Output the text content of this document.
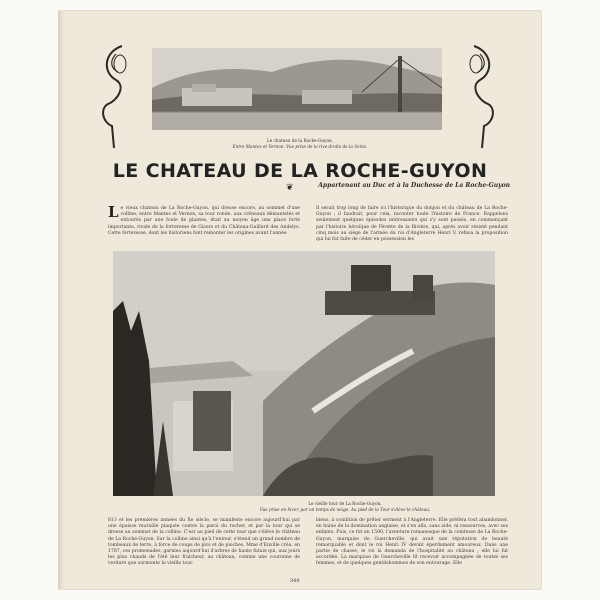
Le chateau de la Roche-Guyon.
Entre Mantes et Vernon. Vue prise de la rive droite de la Seine.
LE CHATEAU DE LA ROCHE-GUYON
❦	Appartenant au Duc et à la Duchesse de La Roche-Guyon
L e vieux chateau de La Roche-Guyon, qui dresse encore, au sommet d'une colline, entre Mantes et Vernon, sa tour ronde, aux créneaux démantelés et entourés par une foule de plantes, était au moyen âge une place forte importante, rivale de la forteresse de Gisors et du Château-Gaillard des Andelys. Cette forteresse, dont les historiens font remonter les origines avant l'année
Il serait trop long de faire ici l'historique du donjon et du château de La Roche-Guyon ; il faudrait, pour cela, raconter toute l'histoire de France. Rappelons seulement quelques épisodes intéressants qui s'y sont passés, en commençant par l'histoire héroïque de Pérette de la Rivière, qui, après avoir résisté pendant cinq mois au siège de l'armée du roi d'Angleterre Henri V, refusa la proposition qui lui fut faite de céder en possession les
Le vieille tour de La Roche-Guyon.
Vue prise en hiver, par un temps de neige. Au pied de la Tour s'élève le château.
813 et les premières années du Xe siècle, se manifeste encore aujourd'hui par une épaisse muraille plaquée contre la paroi du rocher, et par la tour qui se dresse au sommet de la colline. C'est au pied de cette tour que s'élève le château de La Roche-Guyon. Sur la colline ainsi qu'à l'entour, s'étend un grand nombre de tombeaux de terre, à force de coups de pics et de pioches, Mme d'Enville créa, en 1787, ces promenades, garnies aujourd'hui d'arbres de haute futaie qui, aux jours les plus chauds de l'été leur fraîcheur, au château, comme une couronne de verdure que surmonte la vieille tour.
biens, à condition de prêter serment à l'Angleterre. Elle préféra tout abandonner, en haine de la domination anglaise, et s'en alla, sans aide, ni ressources, avec ses enfants. Puis, ce fut en 1590, l'aventure romanesque de la comtesse de La Roche-Guyon, marquise de Guercheville, qui avait une réputation de beauté remarquable et dont le roi Henri IV devint éperdument amoureux. Dans une partie de chasse, le roi la demanda de l'hospitalité au château ; elle lui fut accordée. La marquise de Guercheville fit recevoir accompagnée de toutes ses femmes, et de quelques gentilshommes de son entourage. Elle
349
